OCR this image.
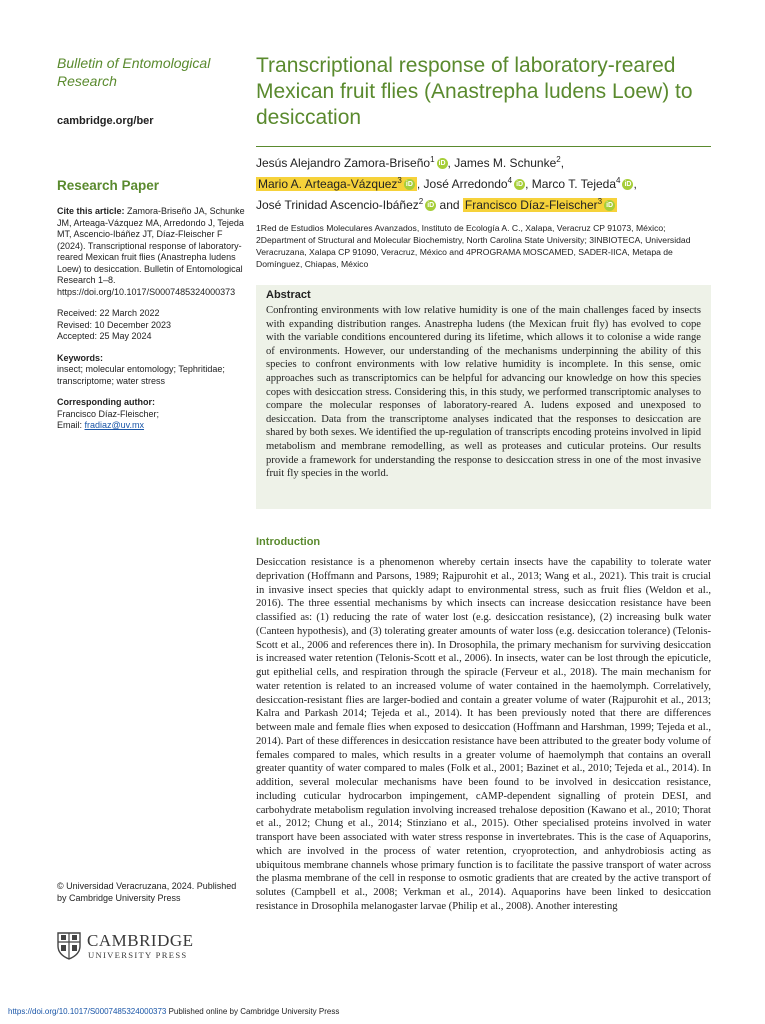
Bulletin of Entomological Research
cambridge.org/ber
Research Paper

Cite this article: Zamora-Briseño JA, Schunke JM, Arteaga-Vázquez MA, Arredondo J, Tejeda MT, Ascencio-Ibáñez JT, Díaz-Fleischer F (2024). Transcriptional response of laboratory-reared Mexican fruit flies (Anastrepha ludens Loew) to desiccation. Bulletin of Entomological Research 1–8. https://doi.org/10.1017/S0007485324000373

Received: 22 March 2022
Revised: 10 December 2023
Accepted: 25 May 2024

Keywords:
insect; molecular entomology; Tephritidae; transcriptome; water stress

Corresponding author:
Francisco Díaz-Fleischer;
Email: fradiaz@uv.mx

© Universidad Veracruzana, 2024. Published by Cambridge University Press
CAMBRIDGE
UNIVERSITY PRESS
Transcriptional response of laboratory-reared Mexican fruit flies (Anastrepha ludens Loew) to desiccation
Jesús Alejandro Zamora-Briseño$^1$ iD , James M. Schunke$^2$,
Mario A. Arteaga-Vázquez$^3$ iD , José Arredondo$^4$ iD , Marco T. Tejeda$^4$ iD ,
José Trinidad Ascencio-Ibáñez$^2$ iD and Francisco Díaz-Fleischer$^3$ iD
1Red de Estudios Moleculares Avanzados, Instituto de Ecología A. C., Xalapa, Veracruz CP 91073, México; 2Department of Structural and Molecular Biochemistry, North Carolina State University; 3INBIOTECA, Universidad Veracruzana, Xalapa CP 91090, Veracruz, México and 4PROGRAMA MOSCAMED, SADER-IICA, Metapa de Domínguez, Chiapas, México
Abstract

Confronting environments with low relative humidity is one of the main challenges faced by insects with expanding distribution ranges. Anastrepha ludens (the Mexican fruit fly) has evolved to cope with the variable conditions encountered during its lifetime, which allows it to colonise a wide range of environments. However, our understanding of the mechanisms underpinning the ability of this species to confront environments with low relative humidity is incomplete. In this sense, omic approaches such as transcriptomics can be helpful for advancing our knowledge on how this species copes with desiccation stress. Considering this, in this study, we performed transcriptomic analyses to compare the molecular responses of laboratory-reared A. ludens exposed and unexposed to desiccation. Data from the transcriptome analyses indicated that the responses to desiccation are shared by both sexes. We identified the up-regulation of transcripts encoding proteins involved in lipid metabolism and membrane remodelling, as well as proteases and cuticular proteins. Our results provide a framework for understanding the response to desiccation stress in one of the most invasive fruit fly species in the world.

Introduction

Desiccation resistance is a phenomenon whereby certain insects have the capability to tolerate water deprivation (Hoffmann and Parsons, 1989; Rajpurohit et al., 2013; Wang et al., 2021). This trait is crucial in invasive insect species that quickly adapt to environmental stress, such as fruit flies (Weldon et al., 2016). The three essential mechanisms by which insects can increase desiccation resistance have been classified as: (1) reducing the rate of water lost (e.g. desiccation resistance), (2) increasing bulk water (Canteen hypothesis), and (3) tolerating greater amounts of water loss (e.g. desiccation tolerance) (Telonis-Scott et al., 2006 and references there in). In Drosophila, the primary mechanism for surviving desiccation is increased water retention (Telonis-Scott et al., 2006). In insects, water can be lost through the epicuticle, gut epithelial cells, and respiration through the spiracle (Ferveur et al., 2018). The main mechanism for water retention is related to an increased volume of water contained in the haemolymph. Correlatively, desiccation-resistant flies are larger-bodied and contain a greater volume of water (Rajpurohit et al., 2013; Kalra and Parkash 2014; Tejeda et al., 2014). It has been previously noted that there are differences between male and female flies when exposed to desiccation (Hoffmann and Harshman, 1999; Tejeda et al., 2014). Part of these differences in desiccation resistance have been attributed to the greater body volume of females compared to males, which results in a greater volume of haemolymph that contains an overall greater quantity of water compared to males (Folk et al., 2001; Bazinet et al., 2010; Tejeda et al., 2014). In addition, several molecular mechanisms have been found to be involved in desiccation resistance, including cuticular hydrocarbon impingement, cAMP-dependent signalling of protein DESI, and carbohydrate metabolism regulation involving increased trehalose deposition (Kawano et al., 2010; Thorat et al., 2012; Chung et al., 2014; Stinziano et al., 2015). Other specialised proteins involved in water transport have been associated with water stress response in invertebrates. This is the case of Aquaporins, which are involved in the process of water retention, cryoprotection, and anhydrobiosis acting as ubiquitous membrane channels whose primary function is to facilitate the passive transport of water across the plasma membrane of the cell in response to osmotic gradients that are created by the active transport of solutes (Campbell et al., 2008; Verkman et al., 2014). Aquaporins have been linked to desiccation resistance in Drosophila melanogaster larvae (Philip et al., 2008). Another interesting

https://doi.org/10.1017/S0007485324000373 Published online by Cambridge University Press
